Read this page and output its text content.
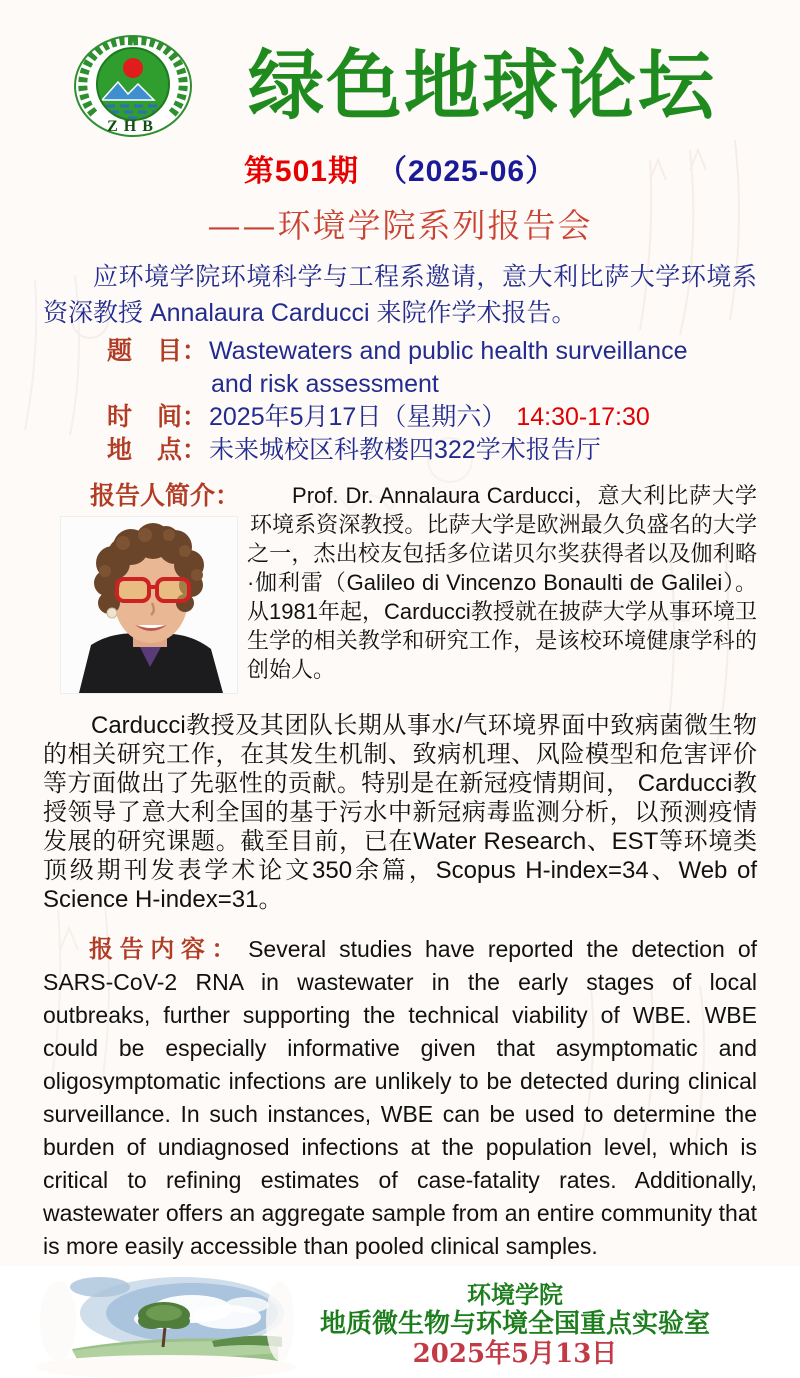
ZHB	绿色地球论坛
第501期 （2025-06）
——环境学院系列报告会

应环境学院环境科学与工程系邀请，意大利比萨大学环境系资深教授 Annalaura Carducci 来院作学术报告。

题　目： Wastewaters and public health surveillance
and risk assessment
时　间： 2025年5月17日（星期六） 14:30-17:30
地　点： 未来城校区科教楼四322学术报告厅
报告人简介：	Prof. Dr. Annalaura Carducci，意大利比萨大学环境系资深教授。比萨大学是欧洲最久负盛名的大学之一，杰出校友包括多位诺贝尔奖获得者以及伽利略·伽利雷（Galileo di Vincenzo Bonaulti de Galilei）。从1981年起，Carducci教授就在披萨大学从事环境卫生学的相关教学和研究工作，是该校环境健康学科的创始人。

Carducci教授及其团队长期从事水/气环境界面中致病菌微生物的相关研究工作，在其发生机制、致病机理、风险模型和危害评价等方面做出了先驱性的贡献。特别是在新冠疫情期间， Carducci教授领导了意大利全国的基于污水中新冠病毒监测分析，以预测疫情发展的研究课题。截至目前，已在Water Research、EST等环境类顶级期刊发表学术论文350余篇，Scopus H-index=34、Web of Science H-index=31。

报告内容： Several studies have reported the detection of SARS-CoV-2 RNA in wastewater in the early stages of local outbreaks, further supporting the technical viability of WBE. WBE could be especially informative given that asymptomatic and oligosymptomatic infections are unlikely to be detected during clinical surveillance. In such instances, WBE can be used to determine the burden of undiagnosed infections at the population level, which is critical to refining estimates of case-fatality rates. Additionally, wastewater offers an aggregate sample from an entire community that is more easily accessible than pooled clinical samples.

环境学院
地质微生物与环境全国重点实验室
2025年5月13日
